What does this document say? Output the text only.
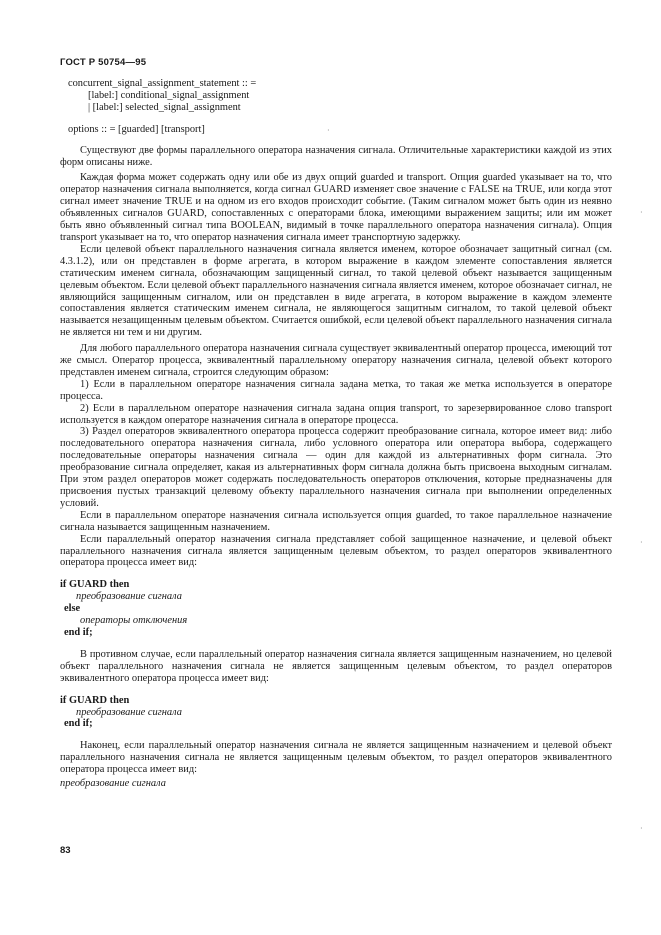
ГОСТ Р 50754—95
concurrent_signal_assignment_statement :: =
[label:] conditional_signal_assignment
| [label:] selected_signal_assignment
options :: = [guarded] [transport]

Существуют две формы параллельного оператора назначения сигнала. Отличительные характеристики каждой из этих форм описаны ниже.

Каждая форма может содержать одну или обе из двух опций guarded и transport. Опция guarded указывает на то, что оператор назначения сигнала выполняется, когда сигнал GUARD изменяет свое значение с FALSE на TRUE, или когда этот сигнал имеет значение TRUE и на одном из его входов происходит событие. (Таким сигналом может быть один из неявно объявленных сигналов GUARD, сопоставленных с операторами блока, имеющими выражением защиты; или им может быть явно объявленный сигнал типа BOOLEAN, видимый в точке параллельного оператора назначения сигнала). Опция transport указывает на то, что оператор назначения сигнала имеет транспортную задержку.

Если целевой объект параллельного назначения сигнала является именем, которое обозначает защитный сигнал (см. 4.3.1.2), или он представлен в форме агрегата, в котором выражение в каждом элементе сопоставления является статическим именем сигнала, обозначающим защищенный сигнал, то такой целевой объект называется защищенным целевым объектом. Если целевой объект параллельного назначения сигнала является именем, которое обозначает сигнал, не являющийся защищенным сигналом, или он представлен в виде агрегата, в котором выражение в каждом элементе сопоставления является статическим именем сигнала, не являющегося защитным сигналом, то такой целевой объект называется незащищенным целевым объектом. Считается ошибкой, если целевой объект параллельного назначения сигнала не является ни тем и ни другим.

Для любого параллельного оператора назначения сигнала существует эквивалентный оператор процесса, имеющий тот же смысл. Оператор процесса, эквивалентный параллельному оператору назначения сигнала, целевой объект которого представлен именем сигнала, строится следующим образом:

1) Если в параллельном операторе назначения сигнала задана метка, то такая же метка используется в операторе процесса.

2) Если в параллельном операторе назначения сигнала задана опция transport, то зарезервированное слово transport используется в каждом операторе назначения сигнала в операторе процесса.

3) Раздел операторов эквивалентного оператора процесса содержит преобразование сигнала, которое имеет вид: либо последовательного оператора назначения сигнала, либо условного оператора или оператора выбора, содержащего последовательные операторы назначения сигнала — один для каждой из альтернативных форм сигнала. Это преобразование сигнала определяет, какая из альтернативных форм сигнала должна быть присвоена выходным сигналам. При этом раздел операторов может содержать последовательность операторов отключения, которые предназначены для присвоения пустых транзакций целевому объекту параллельного назначения сигнала при выполнении определенных условий.

Если в параллельном операторе назначения сигнала используется опция guarded, то такое параллельное назначение сигнала называется защищенным назначением.

Если параллельный оператор назначения сигнала представляет собой защищенное назначение, и целевой объект параллельного назначения сигнала является защищенным целевым объектом, то раздел операторов эквивалентного оператора процесса имеет вид:

if GUARD then
преобразование сигнала
else
операторы отключения
end if;

В противном случае, если параллельный оператор назначения сигнала является защищенным назначением, но целевой объект параллельного назначения сигнала не является защищенным целевым объектом, то раздел операторов эквивалентного оператора процесса имеет вид:

if GUARD then
преобразование сигнала
end if;

Наконец, если параллельный оператор назначения сигнала не является защищенным назначением и целевой объект параллельного назначения сигнала не является защищенным целевым объектом, то раздел операторов эквивалентного оператора процесса имеет вид:

преобразование сигнала
83
·
·
·
·
